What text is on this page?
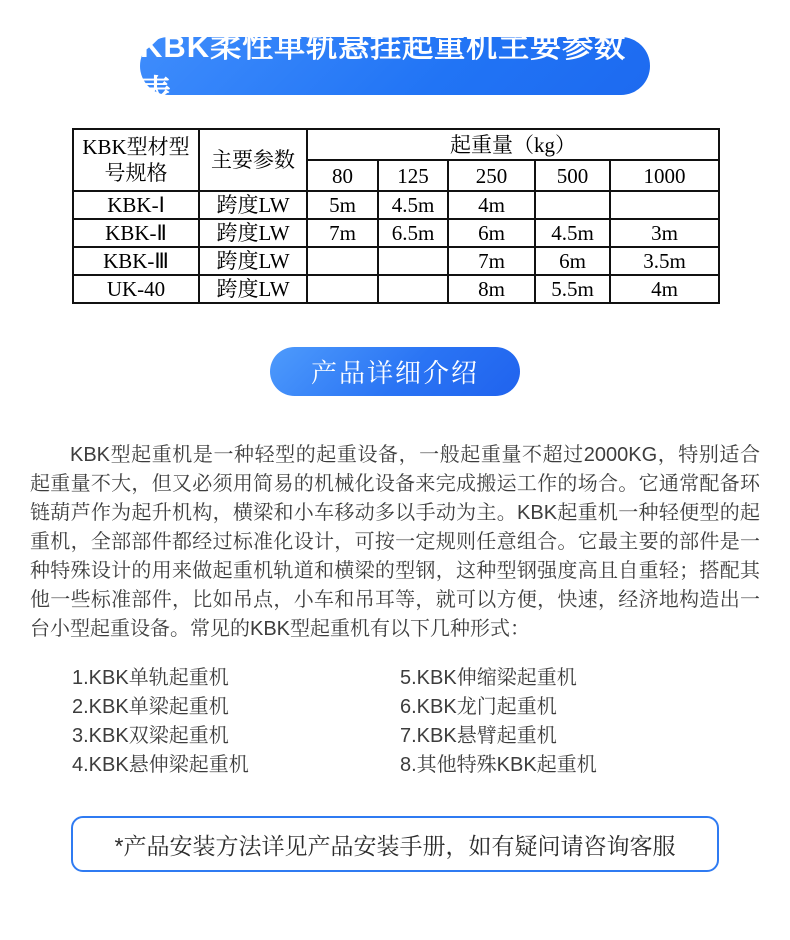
KBK柔性单轨悬挂起重机主要参数表
KBK型材型号规格	主要参数	起重量（kg）				
		80	125	250	500	1000
KBK-Ⅰ	跨度LW	5m	4.5m	4m		
KBK-Ⅱ	跨度LW	7m	6.5m	6m	4.5m	3m
KBK-Ⅲ	跨度LW			7m	6m	3.5m
UK-40	跨度LW			8m	5.5m	4m
产品详细介绍

KBK型起重机是一种轻型的起重设备，一般起重量不超过2000KG，特别适合起重量不大，但又必须用简易的机械化设备来完成搬运工作的场合。它通常配备环链葫芦作为起升机构，横梁和小车移动多以手动为主。KBK起重机一种轻便型的起重机，全部部件都经过标准化设计，可按一定规则任意组合。它最主要的部件是一种特殊设计的用来做起重机轨道和横梁的型钢，这种型钢强度高且自重轻；搭配其他一些标准部件，比如吊点，小车和吊耳等，就可以方便，快速，经济地构造出一台小型起重设备。常见的KBK型起重机有以下几种形式：

1.KBK单轨起重机
2.KBK单梁起重机
3.KBK双梁起重机
4.KBK悬伸梁起重机
5.KBK伸缩梁起重机
6.KBK龙门起重机
7.KBK悬臂起重机
8.其他特殊KBK起重机
*产品安装方法详见产品安装手册，如有疑问请咨询客服
